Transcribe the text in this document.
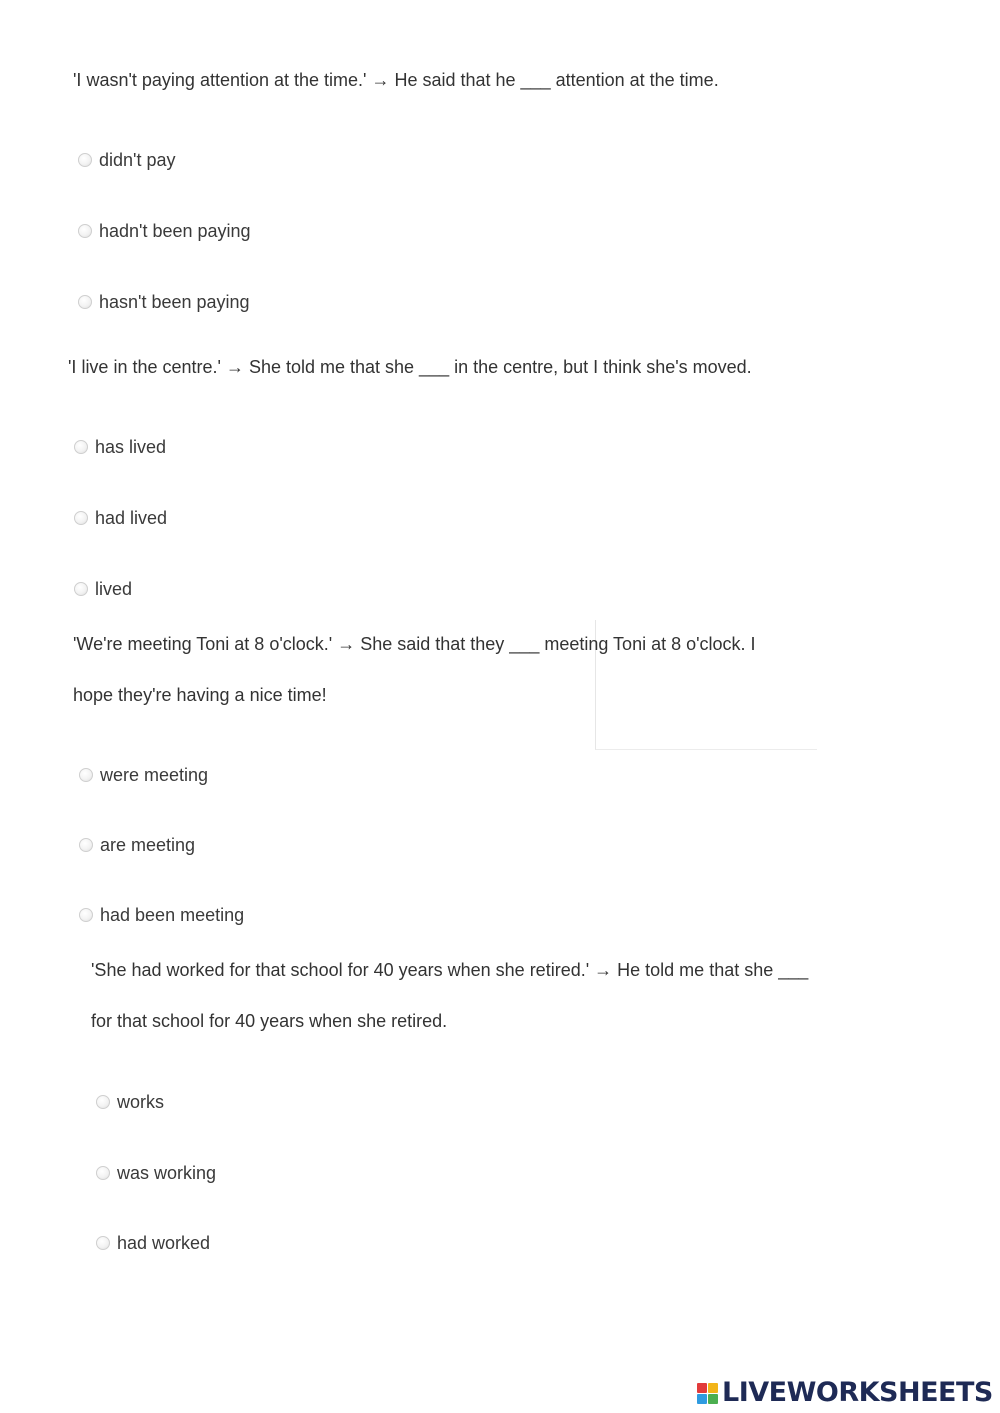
'I wasn't paying attention at the time.' → He said that he ___ attention at the time.
didn't pay
hadn't been paying
hasn't been paying
'I live in the centre.' → She told me that she ___ in the centre, but I think she's moved.
has lived
had lived
lived
'We're meeting Toni at 8 o'clock.' → She said that they ___ meeting Toni at 8 o'clock. I
hope they're having a nice time!
were meeting
are meeting
had been meeting
'She had worked for that school for 40 years when she retired.' → He told me that she ___
for that school for 40 years when she retired.
works
was working
had worked
LIVEWORKSHEETS
